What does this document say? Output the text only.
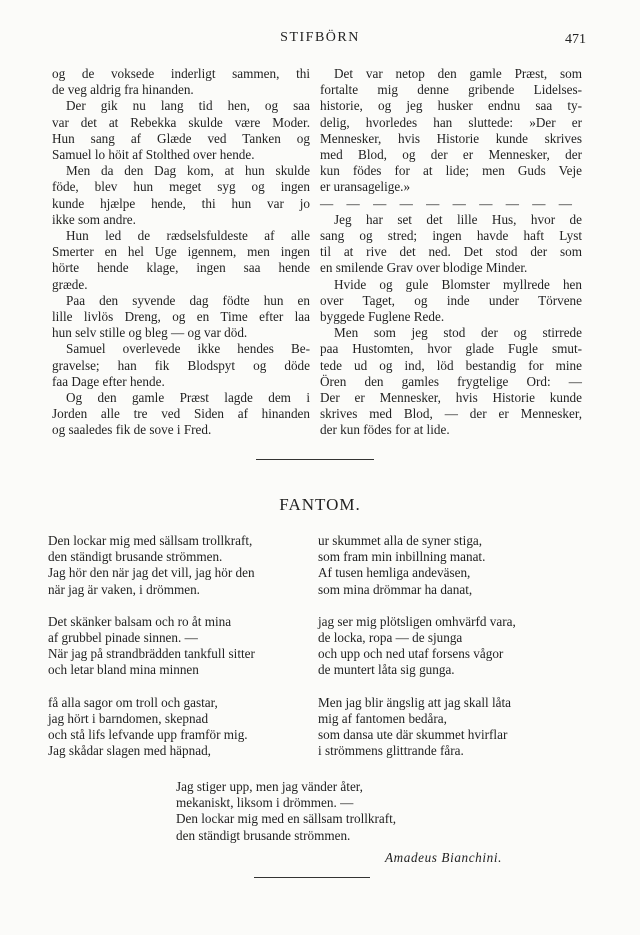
STIFBÖRN	471

og de voksede inderligt sammen, thi
de veg aldrig fra hinanden.

Der gik nu lang tid hen, og saa
var det at Rebekka skulde være Moder.
Hun sang af Glæde ved Tanken og
Samuel lo höit af Stolthed over hende.

Men da den Dag kom, at hun skulde
föde, blev hun meget syg og ingen
kunde hjælpe hende, thi hun var jo
ikke som andre.

Hun led de rædselsfuldeste af alle
Smerter en hel Uge igennem, men ingen
hörte hende klage, ingen saa hende
græde.

Paa den syvende dag födte hun en
lille livlös Dreng, og en Time efter laa
hun selv stille og bleg — og var död.

Samuel overlevede ikke hendes Be-
gravelse; han fik Blodspyt og döde
faa Dage efter hende.

Og den gamle Præst lagde dem i
Jorden alle tre ved Siden af hinanden
og saaledes fik de sove i Fred.

Det var netop den gamle Præst, som
fortalte mig denne gribende Lidelses-
historie, og jeg husker endnu saa ty-
delig, hvorledes han sluttede: »Der er
Mennesker, hvis Historie kunde skrives
med Blod, og der er Mennesker, der
kun födes for at lide; men Guds Veje
er uransagelige.»

— — — — — — — — — —

Jeg har set det lille Hus, hvor de
sang og stred; ingen havde haft Lyst
til at rive det ned. Det stod der som
en smilende Grav over blodige Minder.

Hvide og gule Blomster myllrede hen
over Taget, og inde under Törvene
byggede Fuglene Rede.

Men som jeg stod der og stirrede
paa Hustomten, hvor glade Fugle smut-
tede ud og ind, löd bestandig for mine
Ören den gamles frygtelige Ord: —
Der er Mennesker, hvis Historie kunde
skrives med Blod, — der er Mennesker,
der kun födes for at lide.

FANTOM.
Den lockar mig med sällsam trollkraft,
den ständigt brusande strömmen.
Jag hör den när jag det vill, jag hör den
när jag är vaken, i drömmen.
Det skänker balsam och ro åt mina
af grubbel pinade sinnen. —
När jag på strandbrädden tankfull sitter
och letar bland mina minnen
få alla sagor om troll och gastar,
jag hört i barndomen, skepnad
och stå lifs lefvande upp framför mig.
Jag skådar slagen med häpnad,
ur skummet alla de syner stiga,
som fram min inbillning manat.
Af tusen hemliga andeväsen,
som mina drömmar ha danat,
jag ser mig plötsligen omhvärfd vara,
de locka, ropa — de sjunga
och upp och ned utaf forsens vågor
de muntert låta sig gunga.
Men jag blir ängslig att jag skall låta
mig af fantomen bedåra,
som dansa ute där skummet hvirflar
i strömmens glittrande fåra.
Jag stiger upp, men jag vänder åter,
mekaniskt, liksom i drömmen. —
Den lockar mig med en sällsam trollkraft,
den ständigt brusande strömmen.
Amadeus Bianchini.
